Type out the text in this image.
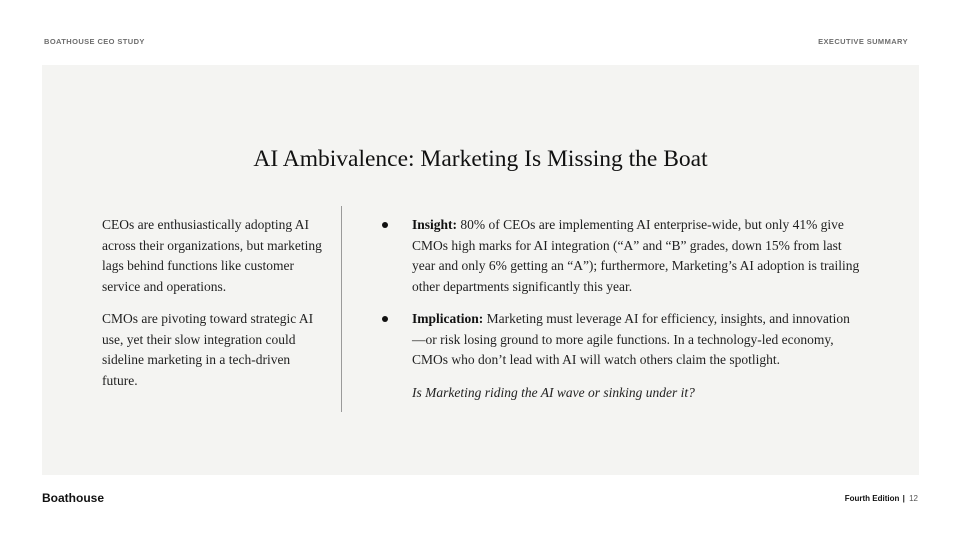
BOATHOUSE CEO STUDY	EXECUTIVE SUMMARY
AI Ambivalence: Marketing Is Missing the Boat

CEOs are enthusiastically adopting AI across their organizations, but marketing lags behind functions like customer service and operations.

CMOs are pivoting toward strategic AI use, yet their slow integration could sideline marketing in a tech-driven future.

Insight: 80% of CEOs are implementing AI enterprise-wide, but only 41% give CMOs high marks for AI integration (“A” and “B” grades, down 15% from last year and only 6% getting an “A”); furthermore, Marketing’s AI adoption is trailing other departments significantly this year.
Implication: Marketing must leverage AI for efficiency, insights, and innovation—or risk losing ground to more agile functions. In a technology-led economy, CMOs who don’t lead with AI will watch others claim the spotlight.
Is Marketing riding the AI wave or sinking under it?
Boathouse	Fourth Edition | 12
